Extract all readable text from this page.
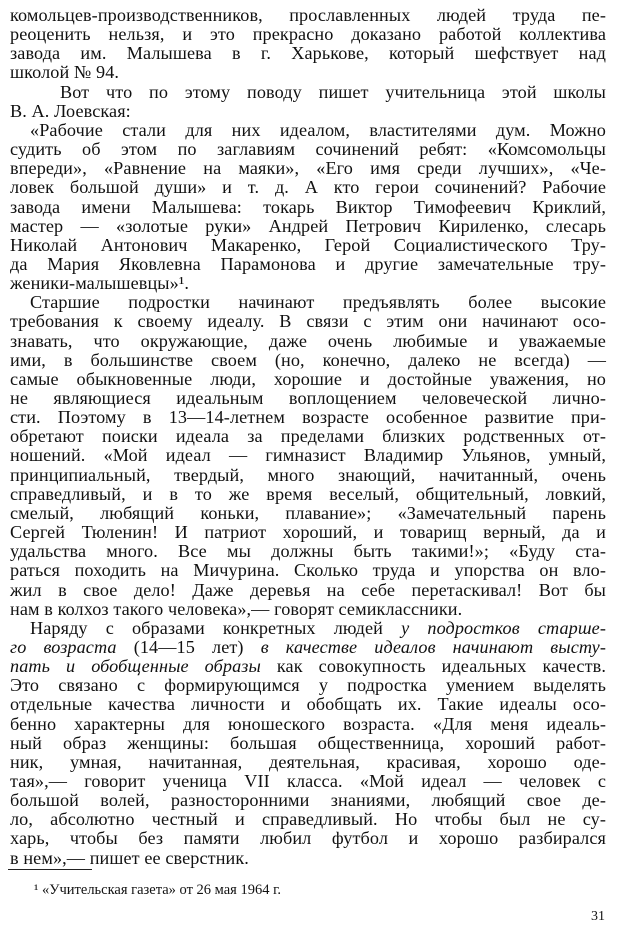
комольцев-производственников, прославленных людей труда пе-
реоценить нельзя, и это прекрасно доказано работой коллектива
завода им. Малышева в г. Харькове, который шефствует над
школой № 94.
Вот что по этому поводу пишет учительница этой школы
В. А. Лоевская:
«Рабочие стали для них идеалом, властителями дум. Можно
судить об этом по заглавиям сочинений ребят: «Комсомольцы
впереди», «Равнение на маяки», «Его имя среди лучших», «Че-
ловек большой души» и т. д. А кто герои сочинений? Рабочие
завода имени Малышева: токарь Виктор Тимофеевич Криклий,
мастер — «золотые руки» Андрей Петрович Кириленко, слесарь
Николай Антонович Макаренко, Герой Социалистического Тру-
да Мария Яковлевна Парамонова и другие замечательные тру-
женики-малышевцы»¹.
Старшие подростки начинают предъявлять более высокие
требования к своему идеалу. В связи с этим они начинают осо-
знавать, что окружающие, даже очень любимые и уважаемые
ими, в большинстве своем (но, конечно, далеко не всегда) —
самые обыкновенные люди, хорошие и достойные уважения, но
не являющиеся идеальным воплощением человеческой лично-
сти. Поэтому в 13—14-летнем возрасте особенное развитие при-
обретают поиски идеала за пределами близких родственных от-
ношений. «Мой идеал — гимназист Владимир Ульянов, умный,
принципиальный, твердый, много знающий, начитанный, очень
справедливый, и в то же время веселый, общительный, ловкий,
смелый, любящий коньки, плавание»; «Замечательный парень
Сергей Тюленин! И патриот хороший, и товарищ верный, да и
удальства много. Все мы должны быть такими!»; «Буду ста-
раться походить на Мичурина. Сколько труда и упорства он вло-
жил в свое дело! Даже деревья на себе перетаскивал! Вот бы
нам в колхоз такого человека»,— говорят семиклассники.
Наряду с образами конкретных людей у подростков старше-
го возраста (14—15 лет) в качестве идеалов начинают высту-
пать и обобщенные образы как совокупность идеальных качеств.
Это связано с формирующимся у подростка умением выделять
отдельные качества личности и обобщать их. Такие идеалы осо-
бенно характерны для юношеского возраста. «Для меня идеаль-
ный образ женщины: большая общественница, хороший работ-
ник, умная, начитанная, деятельная, красивая, хорошо оде-
тая»,— говорит ученица VII класса. «Мой идеал — человек с
большой волей, разносторонними знаниями, любящий свое де-
ло, абсолютно честный и справедливый. Но чтобы был не су-
харь, чтобы без памяти любил футбол и хорошо разбирался
в нем»,— пишет ее сверстник.
¹ «Учительская газета» от 26 мая 1964 г.
31
